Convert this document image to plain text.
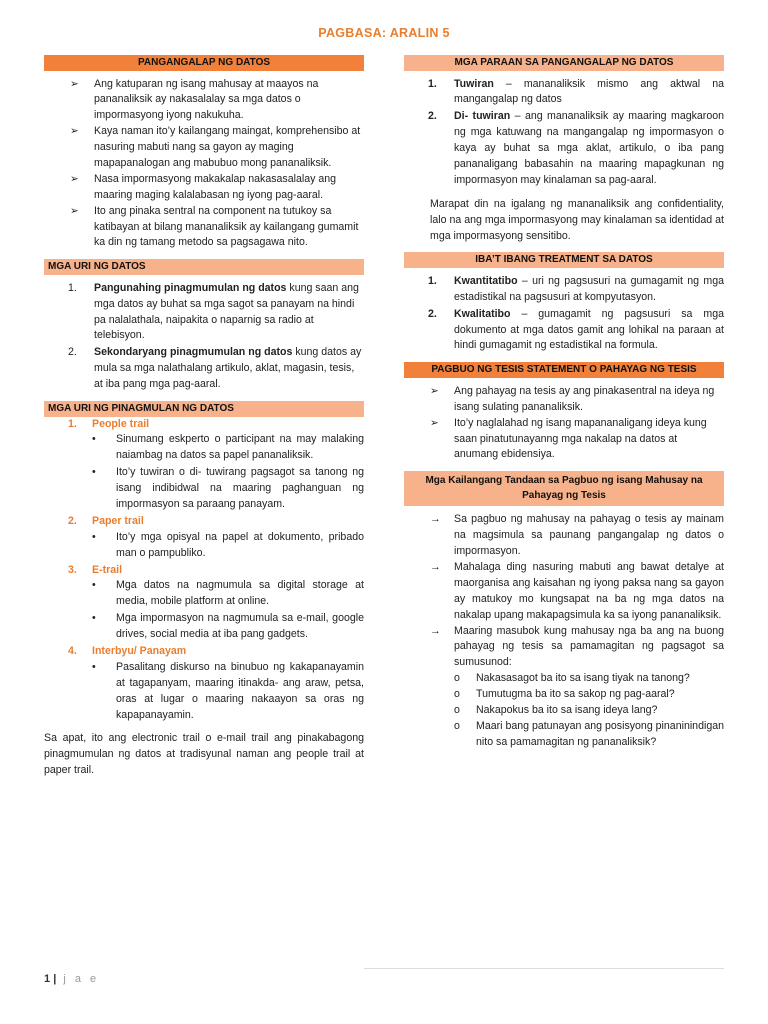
PAGBASA: ARALIN 5
PANGANGALAP NG DATOS
➢ Ang katuparan ng isang mahusay at maayos na pananaliksik ay nakasalalay sa mga datos o impormasyong iyong nakukuha.
➢ Kaya naman ito’y kailangang maingat, komprehensibo at nasuring mabuti nang sa gayon ay maging mapapanalogan ang mabubuo mong pananaliksik.
➢ Nasa impormasyong makakalap nakasasalalay ang maaring maging kalalabasan ng iyong pag-aaral.
➢ Ito ang pinaka sentral na component na tutukoy sa katibayan at bilang mananaliksik ay kailangang gumamit ka din ng tamang metodo sa pagsagawa nito.
MGA URI NG DATOS
1. Pangunahing pinagmumulan ng datos kung saan ang mga datos ay buhat sa mga sagot sa panayam na hindi pa nalalathala, naipakita o naparnig sa radio at telebisyon.
2. Sekondaryang pinagmumulan ng datos kung datos ay mula sa mga nalathalang artikulo, aklat, magasin, tesis, at iba pang mga pag-aaral.
MGA URI NG PINAGMULAN NG DATOS
1. People trail
• Sinumang eskperto o participant na may malaking naiambag na datos sa papel pananaliksik.
• Ito’y tuwiran o di- tuwirang pagsagot sa tanong ng isang indibidwal na maaring paghanguan ng impormasyon sa paraang panayam.
2. Paper trail
• Ito’y mga opisyal na papel at dokumento, pribado man o pampubliko.
3. E-trail
• Mga datos na nagmumula sa digital storage at media, mobile platform at online.
• Mga impormasyon na nagmumula sa e-mail, google drives, social media at iba pang gadgets.
4. Interbyu/ Panayam
• Pasalitang diskurso na binubuo ng kakapanayamin at tagapanyam, maaring itinakda- ang araw, petsa, oras at lugar o maaring nakaayon sa oras ng kapapanayamin.

Sa apat, ito ang electronic trail o e-mail trail ang pinakabagong pinagmumulan ng datos at tradisyunal naman ang people trail at paper trail.

MGA PARAAN SA PANGANGALAP NG DATOS
1. Tuwiran – mananaliksik mismo ang aktwal na mangangalap ng datos
2. Di- tuwiran – ang mananaliksik ay maaring magkaroon ng mga katuwang na mangangalap ng impormasyon o kaya ay buhat sa mga aklat, artikulo, o iba pang pananaligang babasahin na maaring mapagkunan ng impormasyon may kinalaman sa pag-aaral.

Marapat din na igalang ng mananaliksik ang confidentiality, lalo na ang mga impormasyong may kinalaman sa identidad at mga impormasyong sensitibo.

IBA’T IBANG TREATMENT SA DATOS
1. Kwantitatibo – uri ng pagsusuri na gumagamit ng mga estadistikal na pagsusuri at kompyutasyon.
2. Kwalitatibo – gumagamit ng pagsusuri sa mga dokumento at mga datos gamit ang lohikal na paraan at hindi gumagamit ng estadistikal na formula.
PAGBUO NG TESIS STATEMENT O PAHAYAG NG TESIS
➢ Ang pahayag na tesis ay ang pinakasentral na ideya ng isang sulating pananaliksik.
➢ Ito’y naglalahad ng isang mapananaligang ideya kung saan pinatutunayanng mga nakalap na datos at anumang ebidensiya.
Mga Kailangang Tandaan sa Pagbuo ng isang Mahusay na Pahayag ng Tesis
→ Sa pagbuo ng mahusay na pahayag o tesis ay mainam na magsimula sa paunang pangangalap ng datos o impormasyon.
→ Mahalaga ding nasuring mabuti ang bawat detalye at maorganisa ang kaisahan ng iyong paksa nang sa gayon ay matukoy mo kungsapat na ba ng mga datos na nakalap upang makapagsimula ka sa iyong pananaliksik.
→ Maaring masubok kung mahusay nga ba ang na buong pahayag ng tesis sa pamamagitan ng pagsagot sa sumusunod:
o Nakasasagot ba ito sa isang tiyak na tanong?
o Tumutugma ba ito sa sakop ng pag-aaral?
o Nakapokus ba ito sa isang ideya lang?
o Maari bang patunayan ang posisyong pinaninindigan nito sa pamamagitan ng pananaliksik?
1 | j a e
